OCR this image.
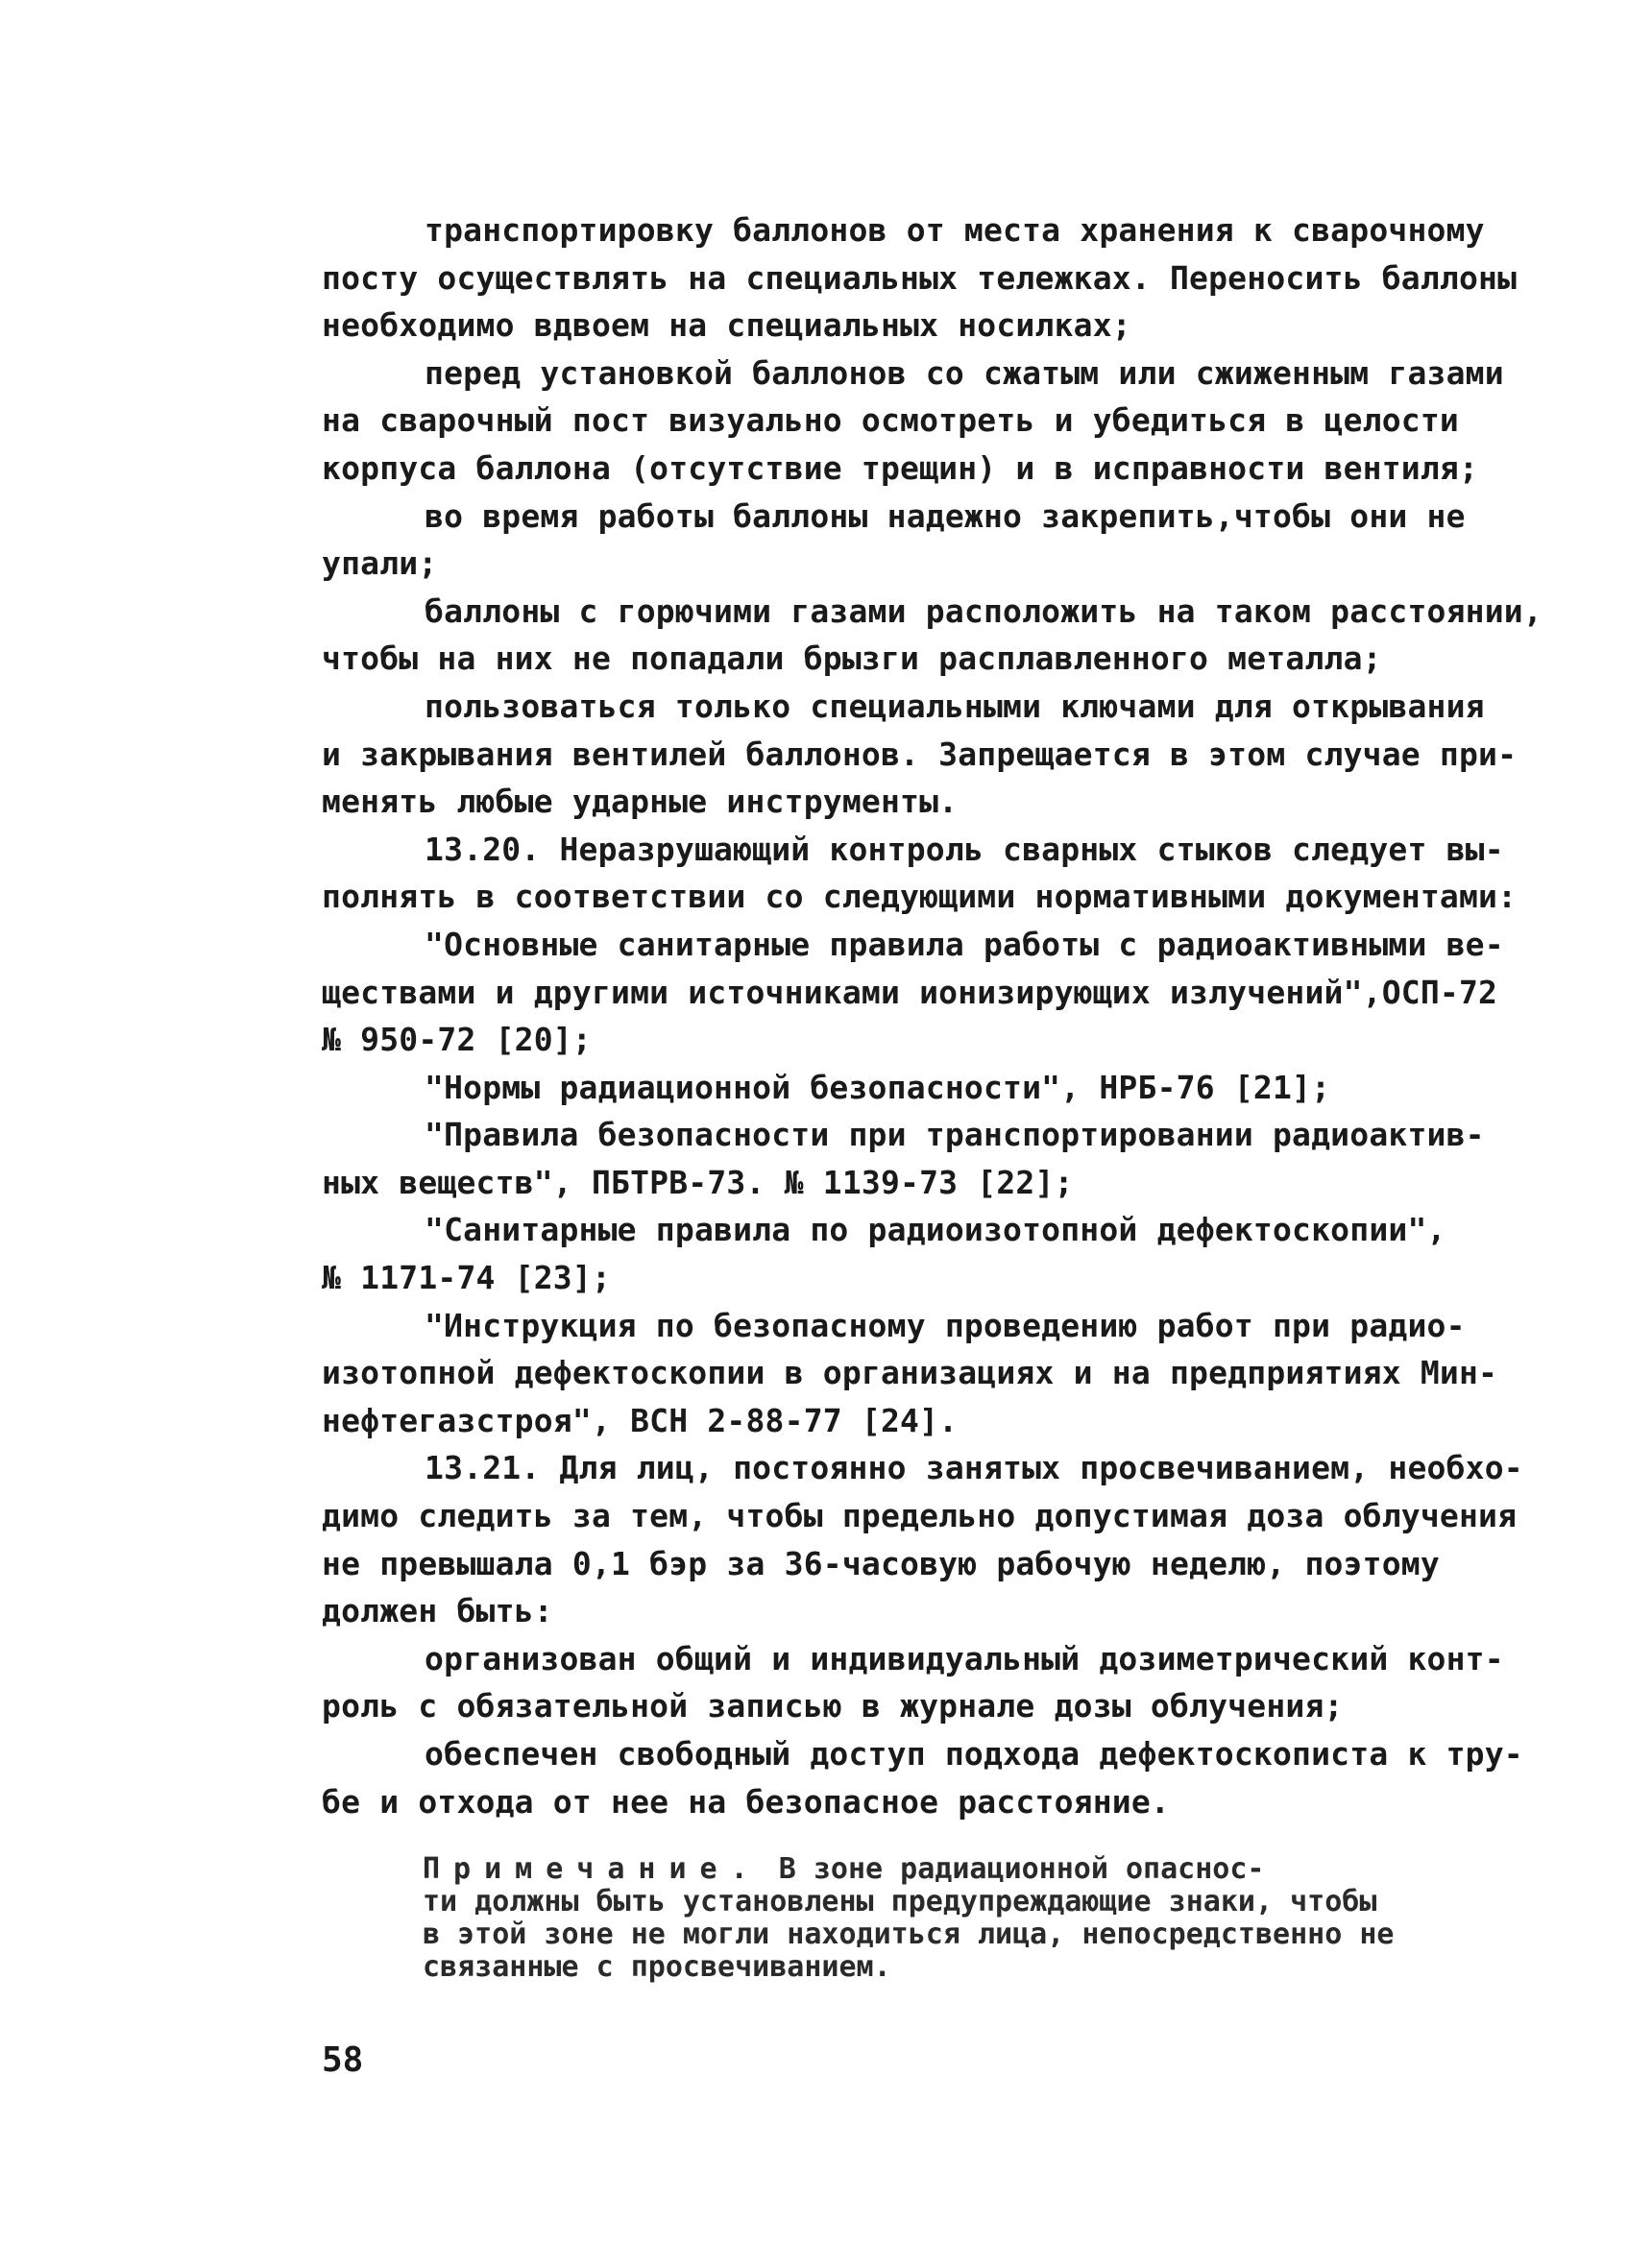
транспортировку баллонов от места хранения к сварочному
посту осуществлять на специальных тележках. Переносить баллоны
необходимо вдвоем на специальных носилках;
перед установкой баллонов со сжатым или сжиженным газами
на сварочный пост визуально осмотреть и убедиться в целости
корпуса баллона (отсутствие трещин) и в исправности вентиля;
во время работы баллоны надежно закрепить,чтобы они не
упали;
баллоны с горючими газами расположить на таком расстоянии,
чтобы на них не попадали брызги расплавленного металла;
пользоваться только специальными ключами для открывания
и закрывания вентилей баллонов. Запрещается в этом случае при-
менять любые ударные инструменты.
13.20. Неразрушающий контроль сварных стыков следует вы-
полнять в соответствии со следующими нормативными документами:
"Основные санитарные правила работы с радиоактивными ве-
ществами и другими источниками ионизирующих излучений",ОСП-72
№ 950-72 [20];
"Нормы радиационной безопасности", НРБ-76 [21];
"Правила безопасности при транспортировании радиоактив-
ных веществ", ПБТРВ-73. № 1139-73 [22];
"Санитарные правила по радиоизотопной дефектоскопии",
№ 1171-74 [23];
"Инструкция по безопасному проведению работ при радио-
изотопной дефектоскопии в организациях и на предприятиях Мин-
нефтегазстроя", ВСН 2-88-77 [24].
13.21. Для лиц, постоянно занятых просвечиванием, необхо-
димо следить за тем, чтобы предельно допустимая доза облучения
не превышала 0,1 бэр за 36-часовую рабочую неделю, поэтому
должен быть:
организован общий и индивидуальный дозиметрический конт-
роль с обязательной записью в журнале дозы облучения;
обеспечен свободный доступ подхода дефектоскописта к тру-
бе и отхода от нее на безопасное расстояние.
Примечание. В зоне радиационной опаснос-
ти должны быть установлены предупреждающие знаки, чтобы
в этой зоне не могли находиться лица, непосредственно не
связанные с просвечиванием.
58
